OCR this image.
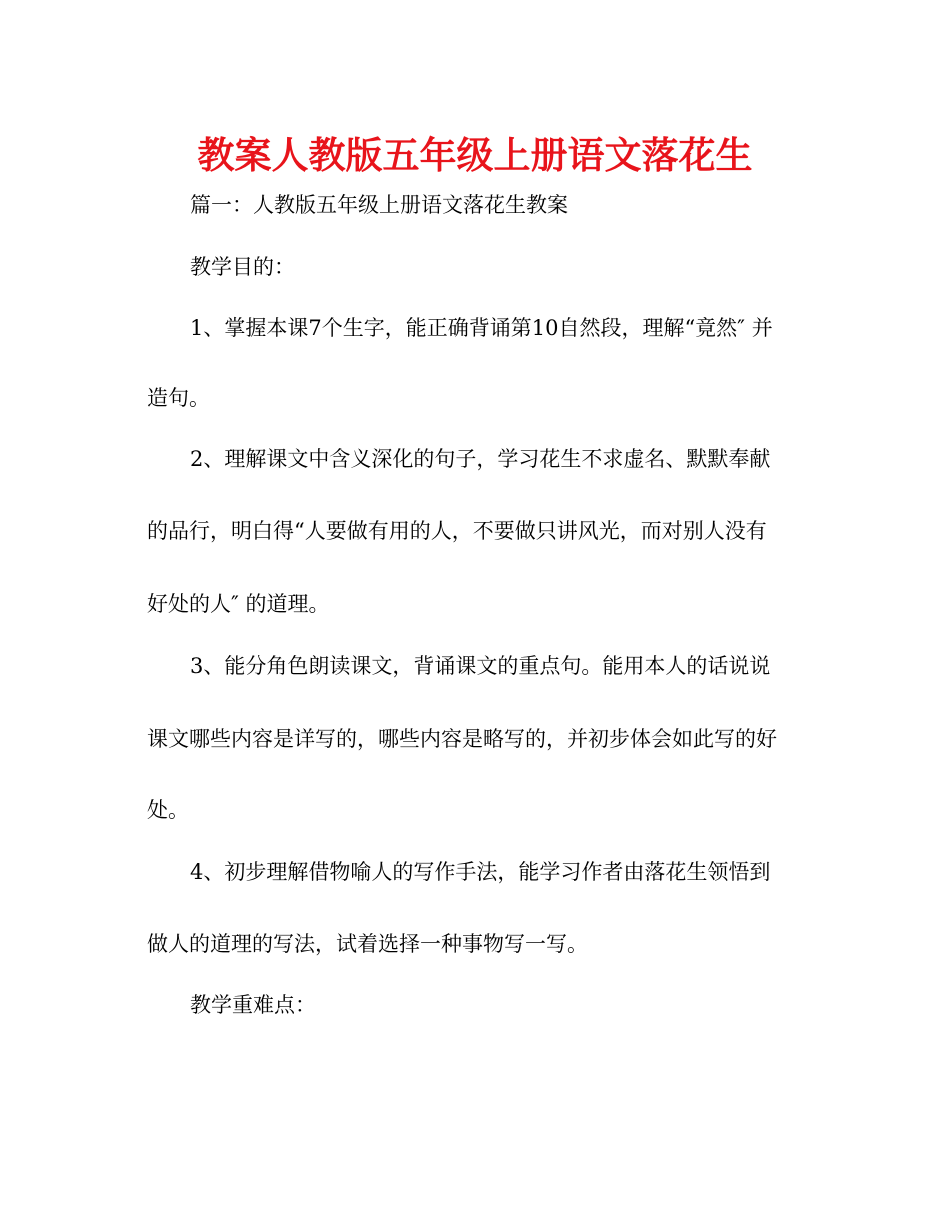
教案人教版五年级上册语文落花生
篇一：人教版五年级上册语文落花生教案
教学目的：
1、掌握本课7个生字，能正确背诵第10自然段，理解“竟然″ 并
造句。
2、理解课文中含义深化的句子，学习花生不求虚名、默默奉献
的品行，明白得“人要做有用的人，不要做只讲风光，而对别人没有
好处的人″ 的道理。
3、能分角色朗读课文，背诵课文的重点句。能用本人的话说说
课文哪些内容是详写的，哪些内容是略写的，并初步体会如此写的好
处。
4、初步理解借物喻人的写作手法，能学习作者由落花生领悟到
做人的道理的写法，试着选择一种事物写一写。
教学重难点：
